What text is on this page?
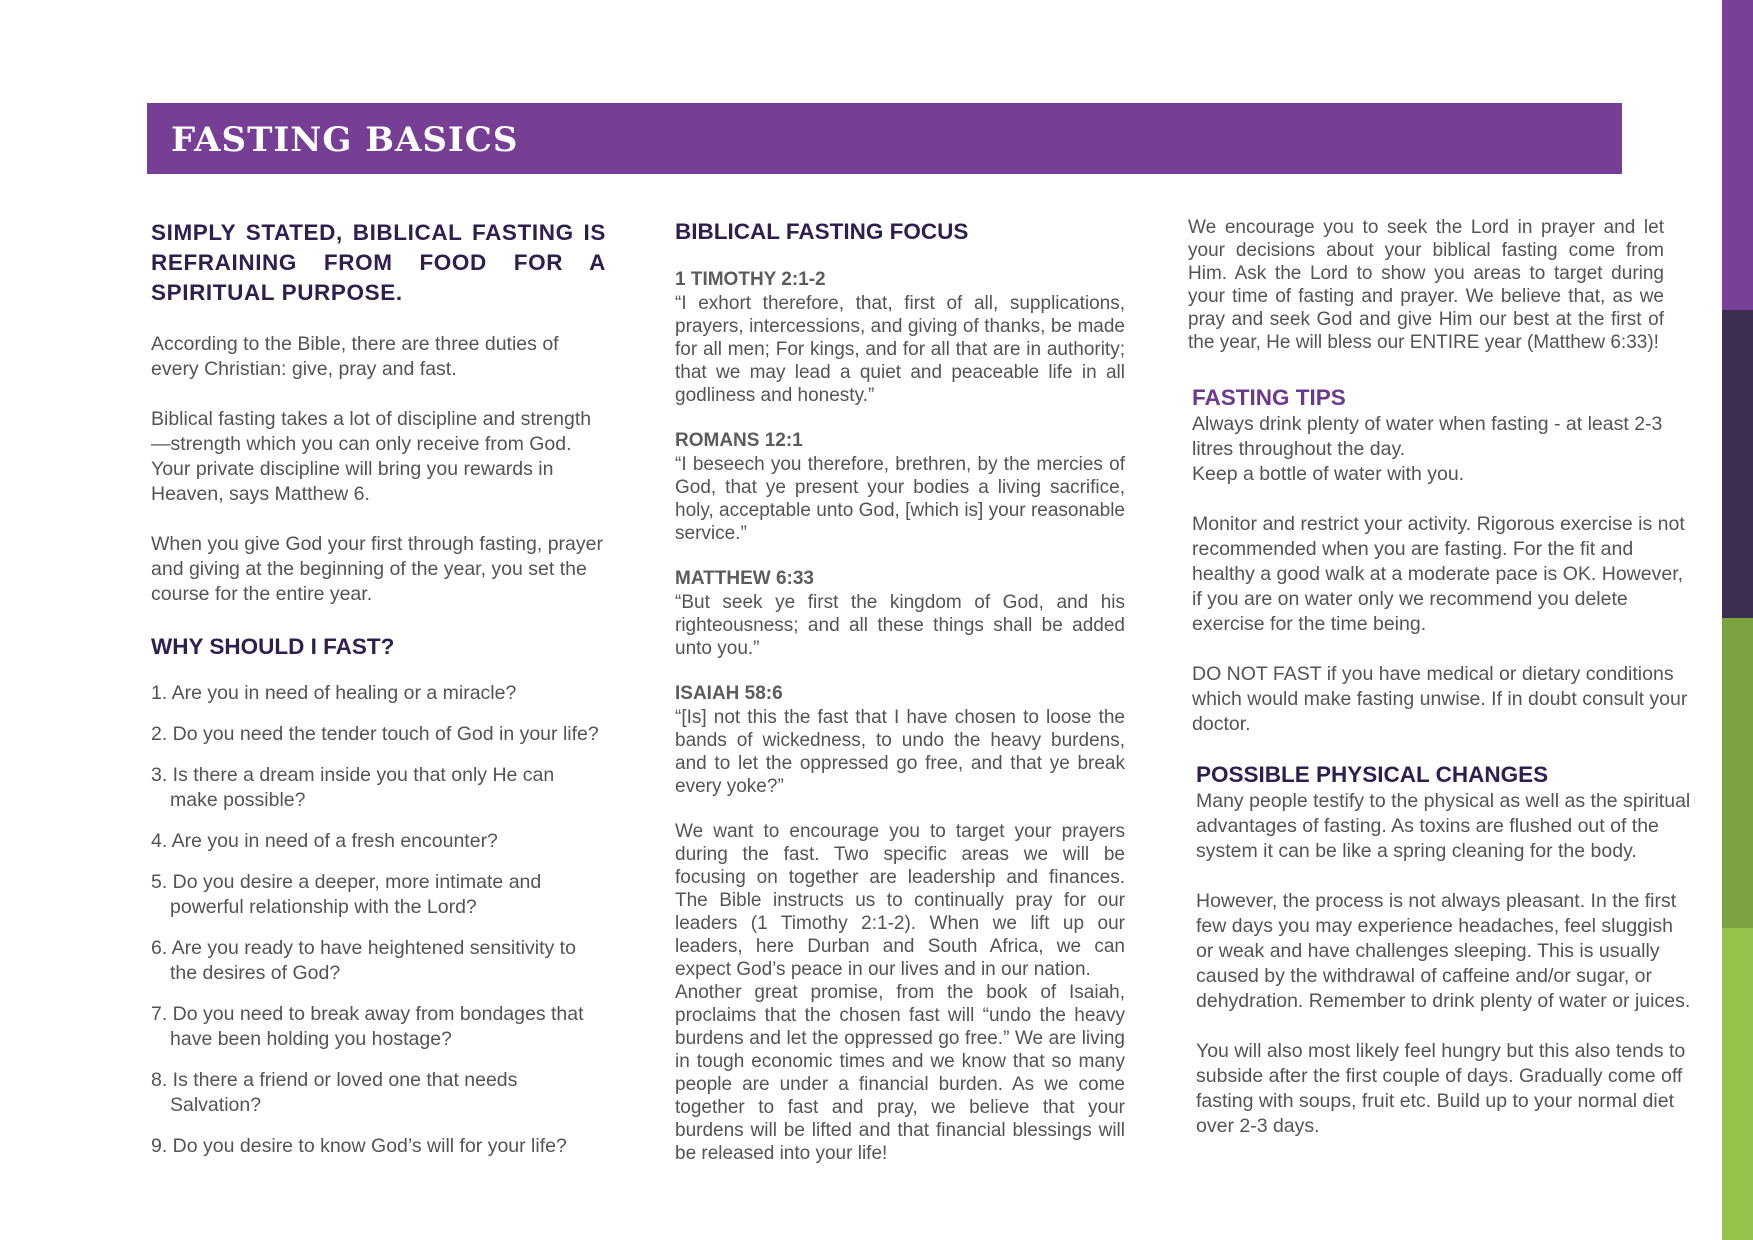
FASTING BASICS
SIMPLY STATED, BIBLICAL FASTING IS REFRAINING FROM FOOD FOR A SPIRITUAL PURPOSE.

According to the Bible, there are three duties of every Christian: give, pray and fast.

Biblical fasting takes a lot of discipline and strength—strength which you can only receive from God. Your private discipline will bring you rewards in Heaven, says Matthew 6.

When you give God your first through fasting, prayer and giving at the beginning of the year, you set the course for the entire year.

WHY SHOULD I FAST?
1. Are you in need of healing or a miracle?
2. Do you need the tender touch of God in your life?
3. Is there a dream inside you that only He can make possible?
4. Are you in need of a fresh encounter?
5. Do you desire a deeper, more intimate and powerful relationship with the Lord?
6. Are you ready to have heightened sensitivity to the desires of God?
7. Do you need to break away from bondages that have been holding you hostage?
8. Is there a friend or loved one that needs Salvation?
9. Do you desire to know God’s will for your life?
BIBLICAL FASTING FOCUS
1 TIMOTHY 2:1-2

“I exhort therefore, that, first of all, supplications, prayers, intercessions, and giving of thanks, be made for all men; For kings, and for all that are in authority; that we may lead a quiet and peaceable life in all godliness and honesty.”

ROMANS 12:1

“I beseech you therefore, brethren, by the mercies of God, that ye present your bodies a living sacrifice, holy, acceptable unto God, [which is] your reasonable service.”

MATTHEW 6:33

“But seek ye first the kingdom of God, and his righteousness; and all these things shall be added unto you.”

ISAIAH 58:6

“[Is] not this the fast that I have chosen to loose the bands of wickedness, to undo the heavy burdens, and to let the oppressed go free, and that ye break every yoke?”

We want to encourage you to target your prayers during the fast. Two specific areas we will be focusing on together are leadership and finances. The Bible instructs us to continually pray for our leaders (1 Timothy 2:1-2). When we lift up our leaders, here Durban and South Africa, we can expect God’s peace in our lives and in our nation.

Another great promise, from the book of Isaiah, proclaims that the chosen fast will “undo the heavy burdens and let the oppressed go free.” We are living in tough economic times and we know that so many people are under a financial burden. As we come together to fast and pray, we believe that your burdens will be lifted and that financial blessings will be released into your life!

We encourage you to seek the Lord in prayer and let your decisions about your biblical fasting come from Him. Ask the Lord to show you areas to target during your time of fasting and prayer. We believe that, as we pray and seek God and give Him our best at the first of the year, He will bless our ENTIRE year (Matthew 6:33)!

FASTING TIPS

Always drink plenty of water when fasting - at least 2-3 litres throughout the day.

Keep a bottle of water with you.

Monitor and restrict your activity. Rigorous exercise is not recommended when you are fasting. For the fit and healthy a good walk at a moderate pace is OK. However, if you are on water only we recommend you delete exercise for the time being.

DO NOT FAST if you have medical or dietary conditions which would make fasting unwise. If in doubt consult your doctor.

POSSIBLE PHYSICAL CHANGES

Many people testify to the physical as well as the spiritual advantages of fasting. As toxins are flushed out of the system it can be like a spring cleaning for the body.

However, the process is not always pleasant. In the first few days you may experience headaches, feel sluggish or weak and have challenges sleeping. This is usually caused by the withdrawal of caffeine and/or sugar, or dehydration. Remember to drink plenty of water or juices.

You will also most likely feel hungry but this also tends to subside after the first couple of days. Gradually come off fasting with soups, fruit etc. Build up to your normal diet over 2-3 days.
